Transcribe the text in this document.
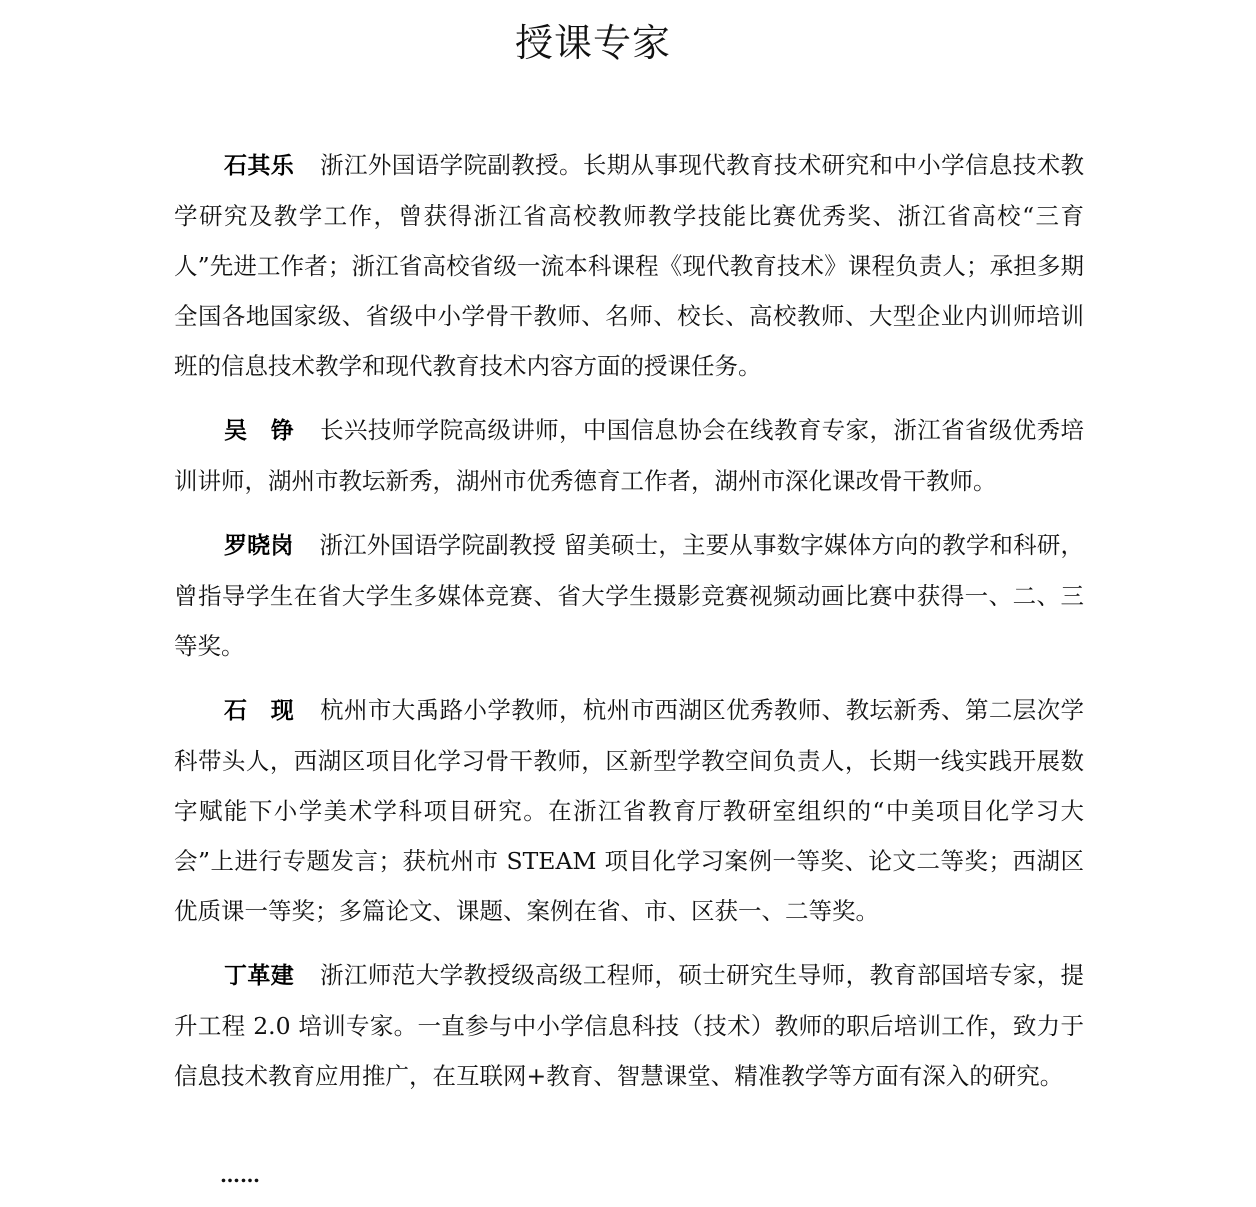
授课专家

石其乐 浙江外国语学院副教授。长期从事现代教育技术研究和中小学信息技术教学研究及教学工作，曾获得浙江省高校教师教学技能比赛优秀奖、浙江省高校“三育人”先进工作者；浙江省高校省级一流本科课程《现代教育技术》课程负责人；承担多期全国各地国家级、省级中小学骨干教师、名师、校长、高校教师、大型企业内训师培训班的信息技术教学和现代教育技术内容方面的授课任务。

吴　铮 长兴技师学院高级讲师，中国信息协会在线教育专家，浙江省省级优秀培训讲师，湖州市教坛新秀，湖州市优秀德育工作者，湖州市深化课改骨干教师。

罗晓岗 浙江外国语学院副教授 留美硕士，主要从事数字媒体方向的教学和科研，曾指导学生在省大学生多媒体竞赛、省大学生摄影竞赛视频动画比赛中获得一、二、三等奖。

石　现 杭州市大禹路小学教师，杭州市西湖区优秀教师、教坛新秀、第二层次学科带头人，西湖区项目化学习骨干教师，区新型学教空间负责人，长期一线实践开展数字赋能下小学美术学科项目研究。在浙江省教育厅教研室组织的“中美项目化学习大会”上进行专题发言；获杭州市 STEAM 项目化学习案例一等奖、论文二等奖；西湖区优质课一等奖；多篇论文、课题、案例在省、市、区获一、二等奖。

丁革建 浙江师范大学教授级高级工程师，硕士研究生导师，教育部国培专家，提升工程 2.0 培训专家。一直参与中小学信息科技（技术）教师的职后培训工作，致力于信息技术教育应用推广，在互联网+教育、智慧课堂、精准教学等方面有深入的研究。

……
